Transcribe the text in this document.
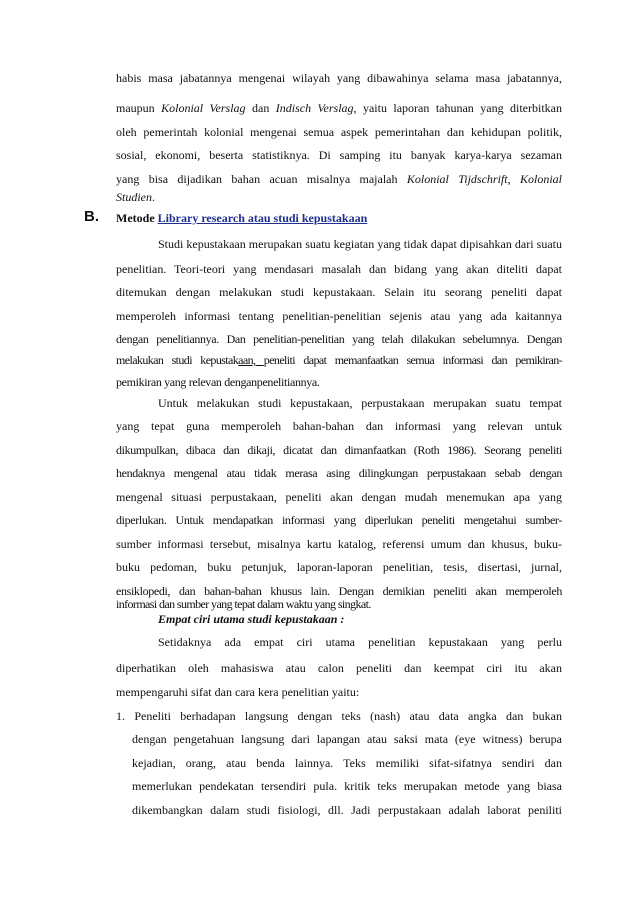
habis masa jabatannya mengenai wilayah yang dibawahinya selama masa jabatannya,
maupun Kolonial Verslag dan Indisch Verslag, yaitu laporan tahunan yang diterbitkan
oleh pemerintah kolonial mengenai semua aspek pemerintahan dan kehidupan politik,
sosial, ekonomi, beserta statistiknya. Di samping itu banyak karya-karya sezaman
yang bisa dijadikan bahan acuan misalnya majalah Kolonial Tijdschrift, Kolonial
Studien.
B. Metode Library research atau studi kepustakaan
Studi kepustakaan merupakan suatu kegiatan yang tidak dapat dipisahkan dari suatu
penelitian. Teori-teori yang mendasari masalah dan bidang yang akan diteliti dapat
ditemukan dengan melakukan studi kepustakaan. Selain itu seorang peneliti dapat
memperoleh informasi tentang penelitian-penelitian sejenis atau yang ada kaitannya
dengan penelitiannya. Dan penelitian-penelitian yang telah dilakukan sebelumnya. Dengan
melakukan studi kepustakaan, peneliti dapat memanfaatkan semua informasi dan pemikiran-
pemikiran yang relevan denganpenelitiannya.
Untuk melakukan studi kepustakaan, perpustakaan merupakan suatu tempat
yang tepat guna memperoleh bahan-bahan dan informasi yang relevan untuk
dikumpulkan, dibaca dan dikaji, dicatat dan dimanfaatkan (Roth 1986). Seorang peneliti
hendaknya mengenal atau tidak merasa asing dilingkungan perpustakaan sebab dengan
mengenal situasi perpustakaan, peneliti akan dengan mudah menemukan apa yang
diperlukan. Untuk mendapatkan informasi yang diperlukan peneliti mengetahui sumber-
sumber informasi tersebut, misalnya kartu katalog, referensi umum dan khusus, buku-
buku pedoman, buku petunjuk, laporan-laporan penelitian, tesis, disertasi, jurnal,
ensiklopedi, dan bahan-bahan khusus lain. Dengan demikian peneliti akan memperoleh
informasi dan sumber yang tepat dalam waktu yang singkat.
Empat ciri utama studi kepustakaan :
Setidaknya ada empat ciri utama penelitian kepustakaan yang perlu
diperhatikan oleh mahasiswa atau calon peneliti dan keempat ciri itu akan
mempengaruhi sifat dan cara kera penelitian yaitu:
1. Peneliti berhadapan langsung dengan teks (nash) atau data angka dan bukan
dengan pengetahuan langsung dari lapangan atau saksi mata (eye witness) berupa
kejadian, orang, atau benda lainnya. Teks memiliki sifat-sifatnya sendiri dan
memerlukan pendekatan tersendiri pula. kritik teks merupakan metode yang biasa
dikembangkan dalam studi fisiologi, dll. Jadi perpustakaan adalah laborat peniliti
